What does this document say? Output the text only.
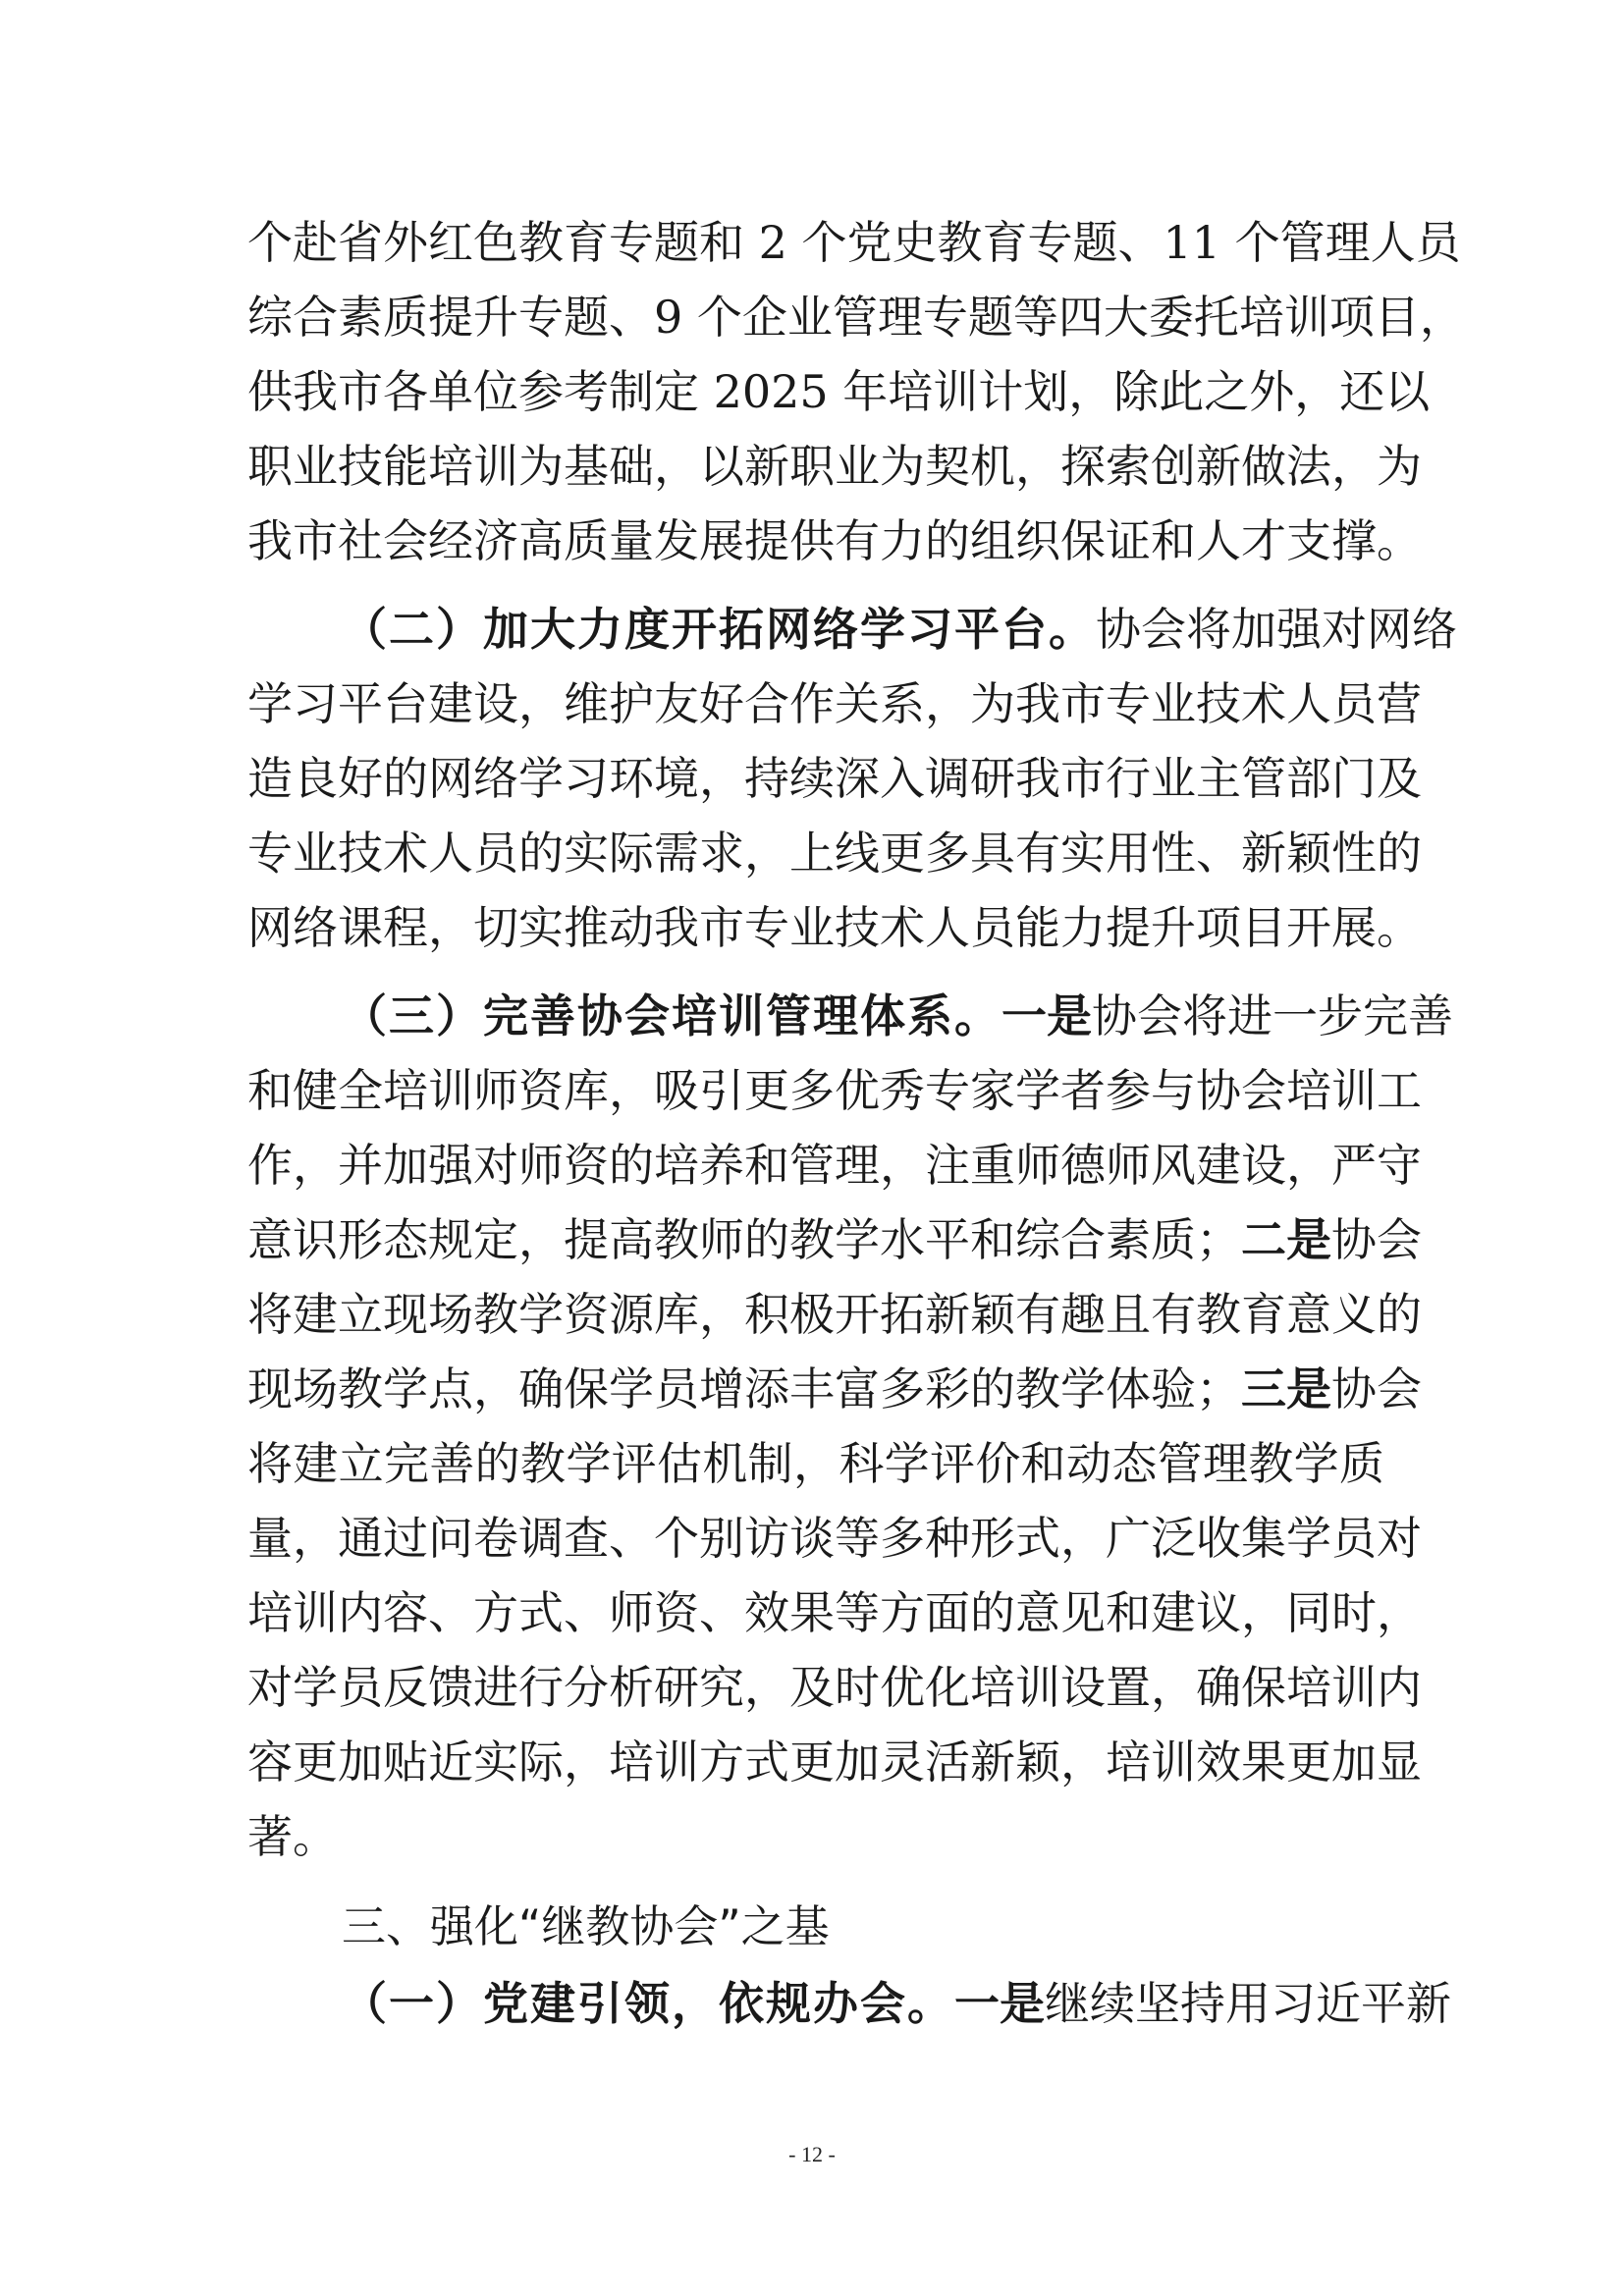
个赴省外红色教育专题和 2 个党史教育专题、11 个管理人员
综合素质提升专题、9 个企业管理专题等四大委托培训项目，
供我市各单位参考制定 2025 年培训计划，除此之外，还以
职业技能培训为基础，以新职业为契机，探索创新做法，为
我市社会经济高质量发展提供有力的组织保证和人才支撑。
（二）加大力度开拓网络学习平台。协会将加强对网络
学习平台建设，维护友好合作关系，为我市专业技术人员营
造良好的网络学习环境，持续深入调研我市行业主管部门及
专业技术人员的实际需求，上线更多具有实用性、新颖性的
网络课程，切实推动我市专业技术人员能力提升项目开展。
（三）完善协会培训管理体系。一是协会将进一步完善
和健全培训师资库，吸引更多优秀专家学者参与协会培训工
作，并加强对师资的培养和管理，注重师德师风建设，严守
意识形态规定，提高教师的教学水平和综合素质；二是协会
将建立现场教学资源库，积极开拓新颖有趣且有教育意义的
现场教学点，确保学员增添丰富多彩的教学体验；三是协会
将建立完善的教学评估机制，科学评价和动态管理教学质
量，通过问卷调查、个别访谈等多种形式，广泛收集学员对
培训内容、方式、师资、效果等方面的意见和建议，同时，
对学员反馈进行分析研究，及时优化培训设置，确保培训内
容更加贴近实际，培训方式更加灵活新颖，培训效果更加显
著。
三、强化“继教协会”之基
（一）党建引领，依规办会。一是继续坚持用习近平新
- 12 -
